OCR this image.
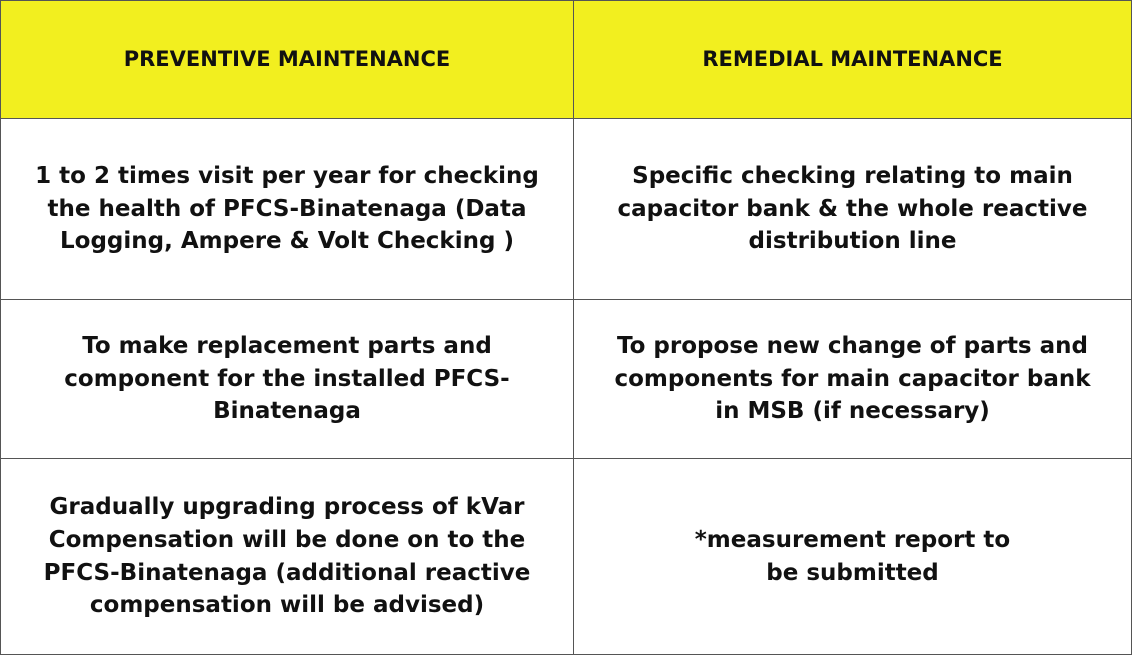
PREVENTIVE MAINTENANCE	REMEDIAL MAINTENANCE

1 to 2 times visit per year for checking
the health of PFCS-Binatenaga (Data
Logging, Ampere & Volt Checking )	Specific checking relating to main
capacitor bank & the whole reactive
distribution line

To make replacement parts and
component for the installed PFCS-
Binatenaga	To propose new change of parts and
components for main capacitor bank
in MSB (if necessary)

Gradually upgrading process of kVar
Compensation will be done on to the
PFCS-Binatenaga (additional reactive
compensation will be advised)	*measurement report to
be submitted
